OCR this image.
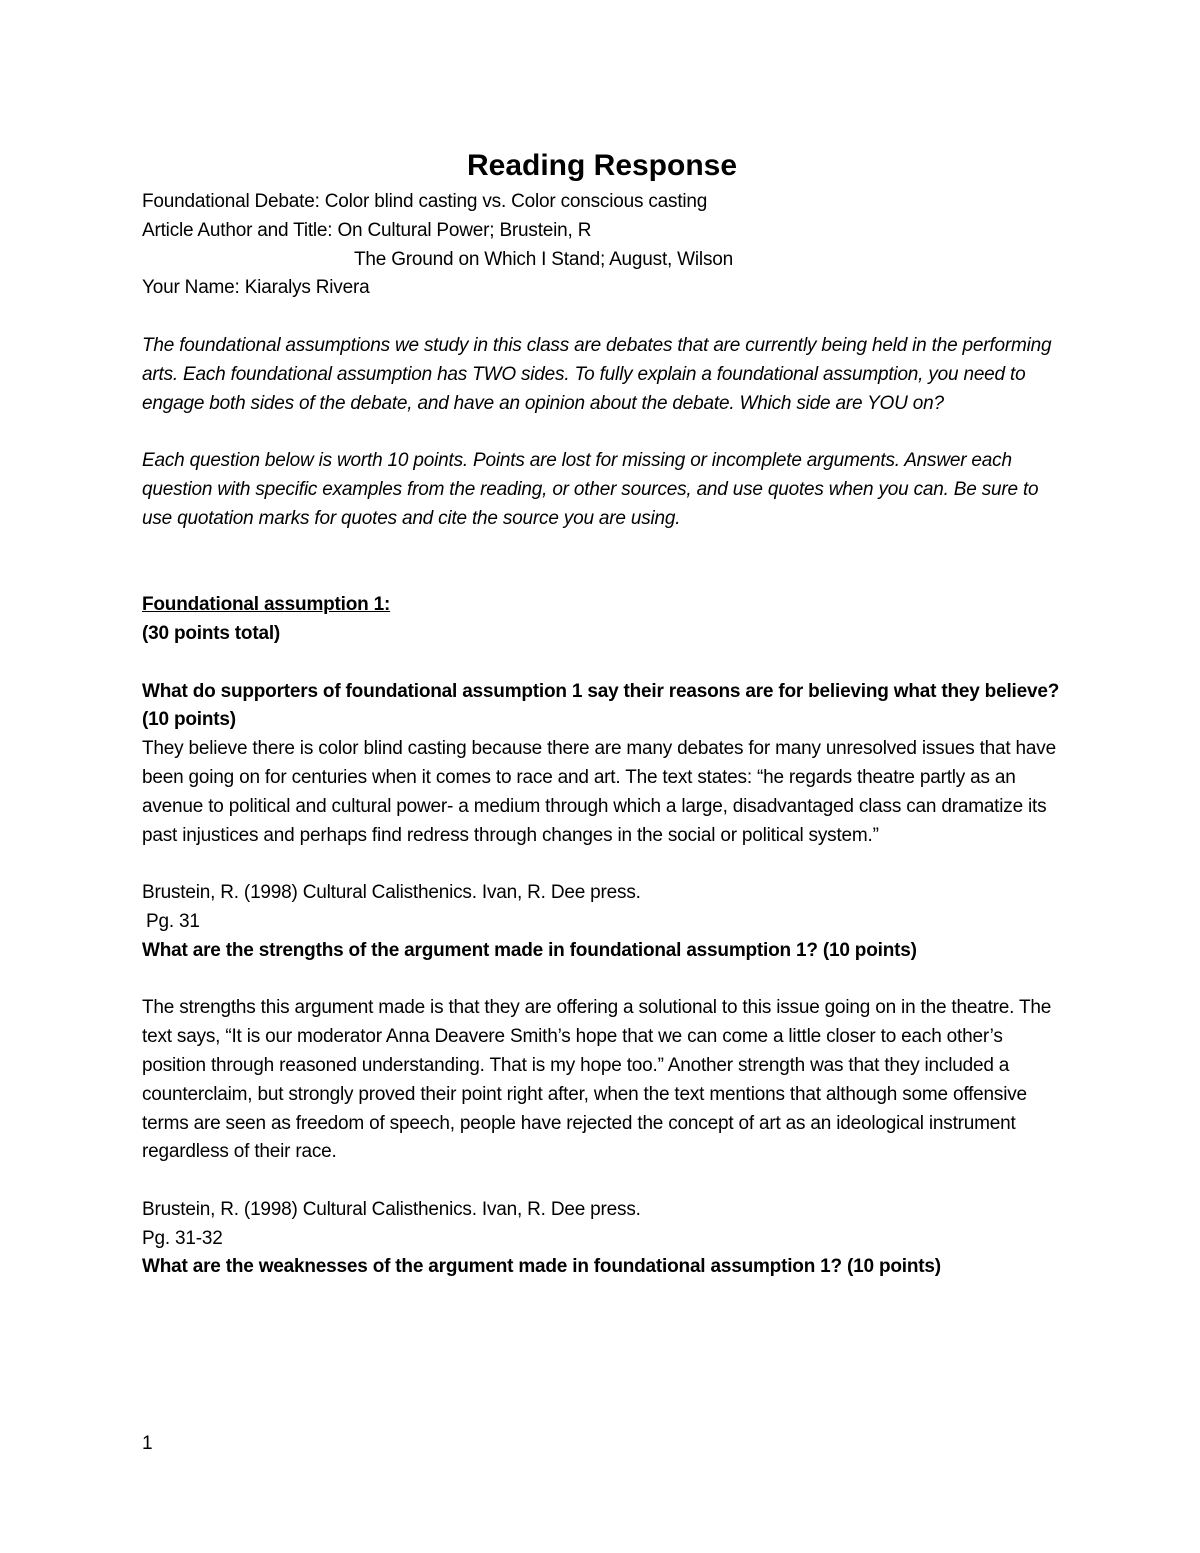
Reading Response

Foundational Debate: Color blind casting vs. Color conscious casting

Article Author and Title: On Cultural Power; Brustein, R

The Ground on Which I Stand; August, Wilson

Your Name: Kiaralys Rivera

The foundational assumptions we study in this class are debates that are currently being held in the performing arts. Each foundational assumption has TWO sides. To fully explain a foundational assumption, you need to engage both sides of the debate, and have an opinion about the debate. Which side are YOU on?

Each question below is worth 10 points. Points are lost for missing or incomplete arguments. Answer each question with specific examples from the reading, or other sources, and use quotes when you can. Be sure to use quotation marks for quotes and cite the source you are using.

Foundational assumption 1:

(30 points total)

What do supporters of foundational assumption 1 say their reasons are for believing what they believe? (10 points)

They believe there is color blind casting because there are many debates for many unresolved issues that have been going on for centuries when it comes to race and art. The text states: “he regards theatre partly as an avenue to political and cultural power- a medium through which a large, disadvantaged class can dramatize its past injustices and perhaps find redress through changes in the social or political system.”

Brustein, R. (1998) Cultural Calisthenics. Ivan, R. Dee press.

Pg. 31

What are the strengths of the argument made in foundational assumption 1? (10 points)

The strengths this argument made is that they are offering a solutional to this issue going on in the theatre. The text says, “It is our moderator Anna Deavere Smith’s hope that we can come a little closer to each other’s position through reasoned understanding. That is my hope too.” Another strength was that they included a counterclaim, but strongly proved their point right after, when the text mentions that although some offensive terms are seen as freedom of speech, people have rejected the concept of art as an ideological instrument regardless of their race.

Brustein, R. (1998) Cultural Calisthenics. Ivan, R. Dee press.

Pg. 31-32

What are the weaknesses of the argument made in foundational assumption 1? (10 points)

1
